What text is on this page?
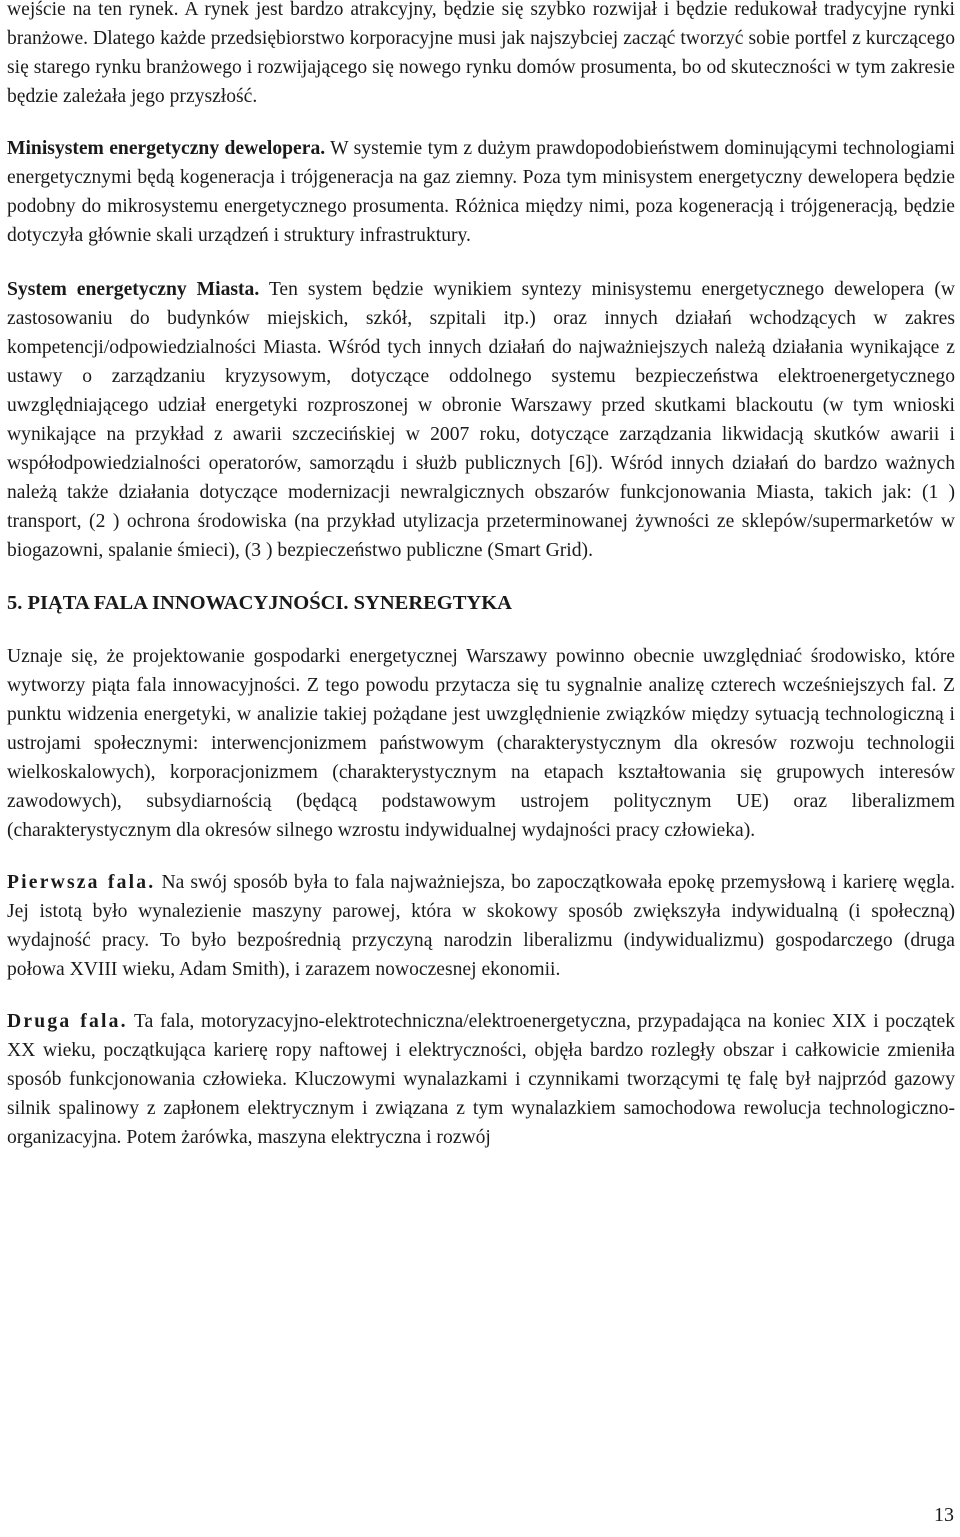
wejście na ten rynek. A rynek jest bardzo atrakcyjny, będzie się szybko rozwijał i będzie redukował tradycyjne rynki branżowe. Dlatego każde przedsiębiorstwo korporacyjne musi jak najszybciej zacząć tworzyć sobie portfel z kurczącego się starego rynku branżowego i rozwijającego się nowego rynku domów prosumenta, bo od skuteczności w tym zakresie będzie zależała jego przyszłość.

Minisystem energetyczny dewelopera. W systemie tym z dużym prawdopodobieństwem dominującymi technologiami energetycznymi będą kogeneracja i trójgeneracja na gaz ziemny. Poza tym minisystem energetyczny dewelopera będzie podobny do mikrosystemu energetycznego prosumenta. Różnica między nimi, poza kogeneracją i trójgeneracją, będzie dotyczyła głównie skali urządzeń i struktury infrastruktury.

System energetyczny Miasta. Ten system będzie wynikiem syntezy minisystemu energetycznego dewelopera (w zastosowaniu do budynków miejskich, szkół, szpitali itp.) oraz innych działań wchodzących w zakres kompetencji/odpowiedzialności Miasta. Wśród tych innych działań do najważniejszych należą działania wynikające z ustawy o zarządzaniu kryzysowym, dotyczące oddolnego systemu bezpieczeństwa elektroenergetycznego uwzględniającego udział energetyki rozproszonej w obronie Warszawy przed skutkami blackoutu (w tym wnioski wynikające na przykład z awarii szczecińskiej w 2007 roku, dotyczące zarządzania likwidacją skutków awarii i współodpowiedzialności operatorów, samorządu i służb publicznych [6]). Wśród innych działań do bardzo ważnych należą także działania dotyczące modernizacji newralgicznych obszarów funkcjonowania Miasta, takich jak: (1 ) transport, (2 ) ochrona środowiska (na przykład utylizacja przeterminowanej żywności ze sklepów/supermarketów w biogazowni, spalanie śmieci), (3 ) bezpieczeństwo publiczne (Smart Grid).

5. PIĄTA FALA INNOWACYJNOŚCI. SYNEREGTYKA

Uznaje się, że projektowanie gospodarki energetycznej Warszawy powinno obecnie uwzględniać środowisko, które wytworzy piąta fala innowacyjności. Z tego powodu przytacza się tu sygnalnie analizę czterech wcześniejszych fal. Z punktu widzenia energetyki, w analizie takiej pożądane jest uwzględnienie związków między sytuacją technologiczną i ustrojami społecznymi: interwencjonizmem państwowym (charakterystycznym dla okresów rozwoju technologii wielkoskalowych), korporacjonizmem (charakterystycznym na etapach kształtowania się grupowych interesów zawodowych), subsydiarnością (będącą podstawowym ustrojem politycznym UE) oraz liberalizmem (charakterystycznym dla okresów silnego wzrostu indywidualnej wydajności pracy człowieka).

Pierwsza fala. Na swój sposób była to fala najważniejsza, bo zapoczątkowała epokę przemysłową i karierę węgla. Jej istotą było wynalezienie maszyny parowej, która w skokowy sposób zwiększyła indywidualną (i społeczną) wydajność pracy. To było bezpośrednią przyczyną narodzin liberalizmu (indywidualizmu) gospodarczego (druga połowa XVIII wieku, Adam Smith), i zarazem nowoczesnej ekonomii.

Druga fala. Ta fala, motoryzacyjno-elektrotechniczna/elektroenergetyczna, przypadająca na koniec XIX i początek XX wieku, początkująca karierę ropy naftowej i elektryczności, objęła bardzo rozległy obszar i całkowicie zmieniła sposób funkcjonowania człowieka. Kluczowymi wynalazkami i czynnikami tworzącymi tę falę był najprzód gazowy silnik spalinowy z zapłonem elektrycznym i związana z tym wynalazkiem samochodowa rewolucja technologiczno-organizacyjna. Potem żarówka, maszyna elektryczna i rozwój

13
